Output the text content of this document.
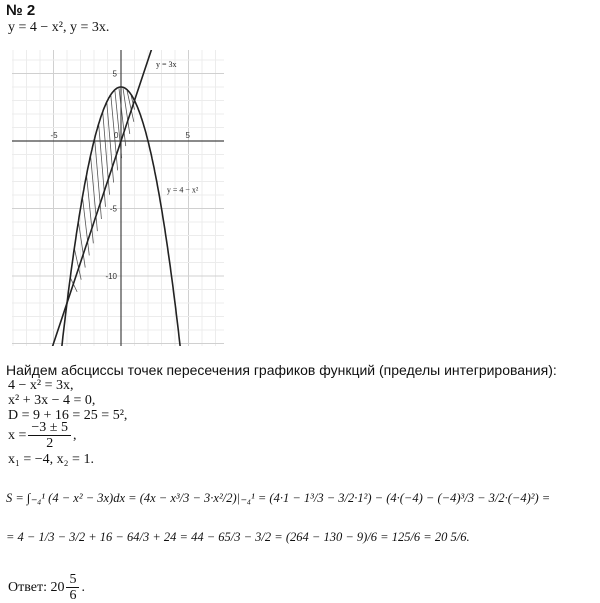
№ 2
y = 4 − x², y = 3x.
-5	0	5
5
-5
-10
y = 3x
y = 4 − x²
Найдем абсциссы точек пересечения графиков функций (пределы интегрирования):
4 − x² = 3x,
x² + 3x − 4 = 0,
D = 9 + 16 = 25 = 5²,
$x = \frac{-3 \pm 5}{2}$ ,
x₁ = −4, x₂ = 1.
S = ∫₋₄¹ (4 − x² − 3x)dx = (4x − x³/3 − 3·x²/2)|₋₄¹ = (4·1 − 1³/3 − 3/2·1²) − (4·(−4) − (−4)³/3 − 3/2·(−4)²) =
= 4 − 1/3 − 3/2 + 16 − 64/3 + 24 = 44 − 65/3 − 3/2 = (264 − 130 − 9)/6 = 125/6 = 20 5/6.
Ответ: $20 \frac{5}{6}$ .
